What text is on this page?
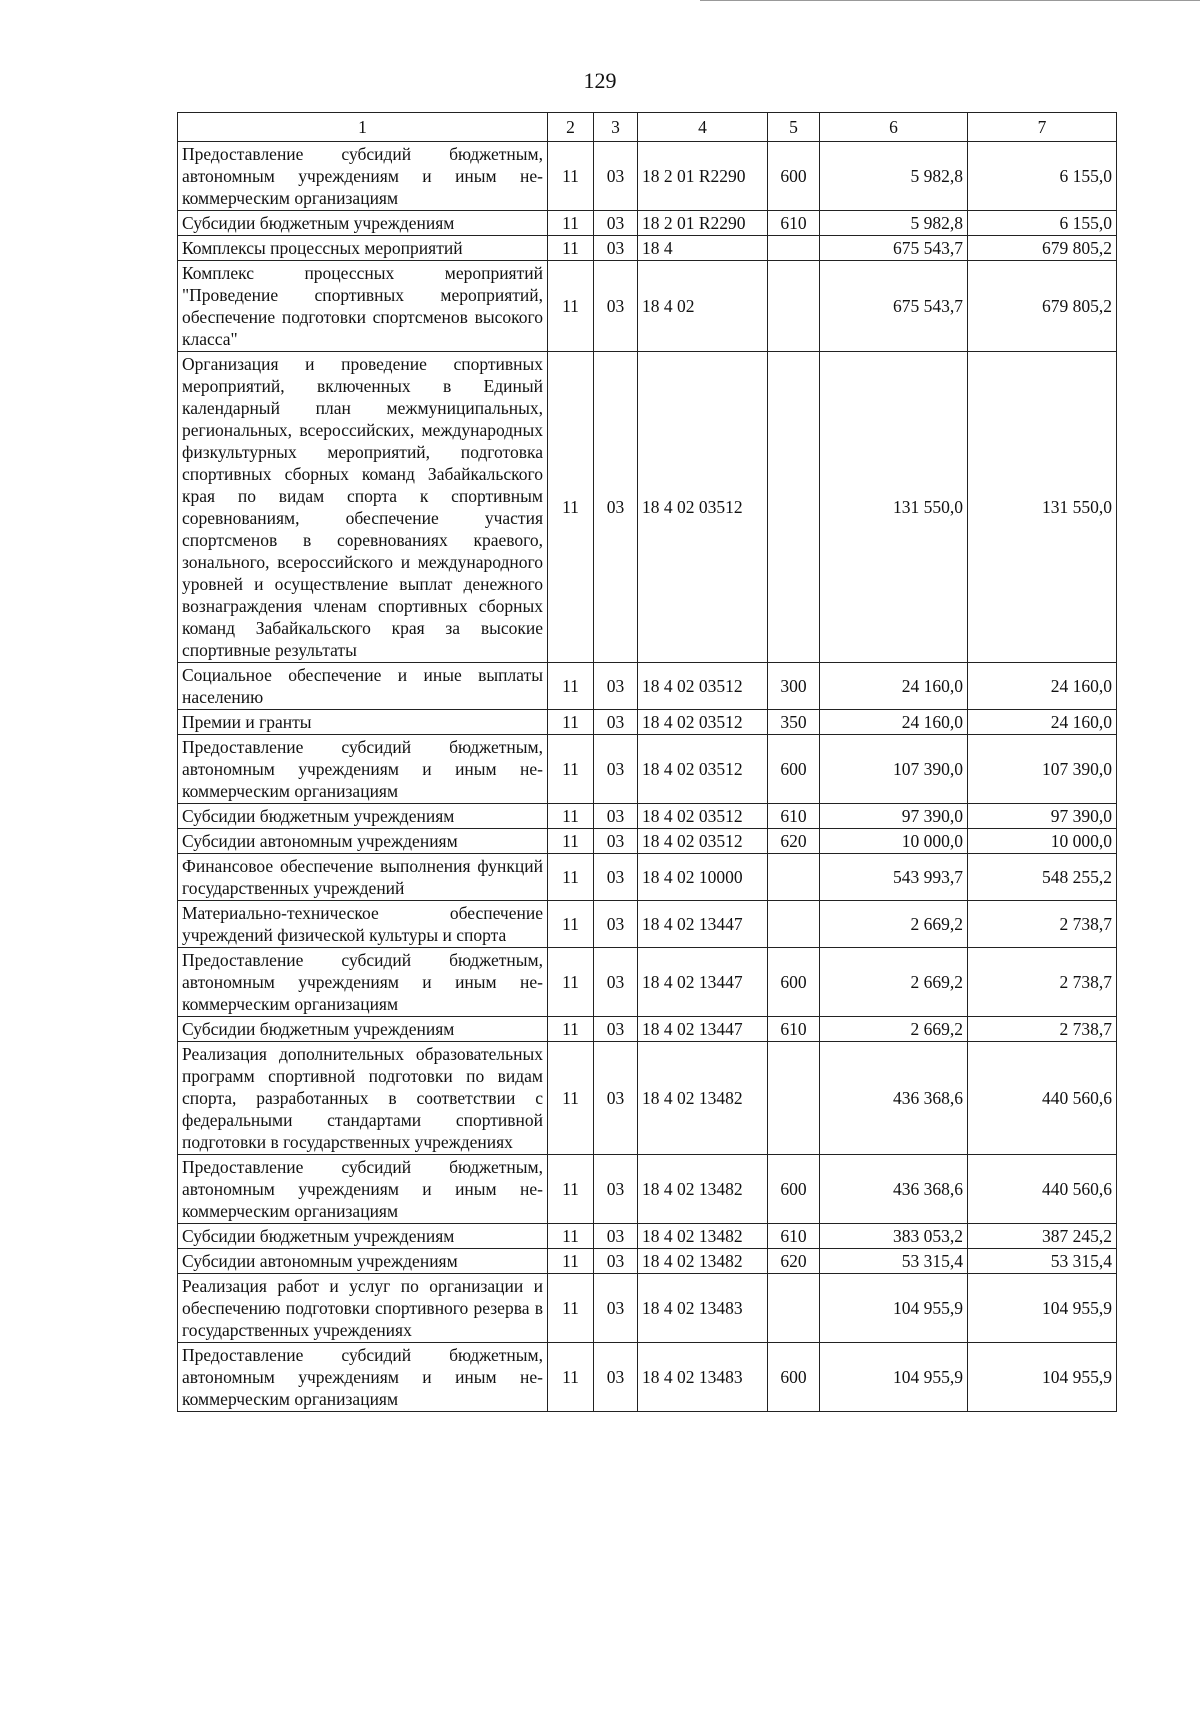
129
1	2	3	4	5	6	7
Предоставление субсидий бюджетным, автономным учреждениям и иным некоммерческим организациям	11	03	18 2 01 R2290	600	5 982,8	6 155,0
Субсидии бюджетным учреждениям	11	03	18 2 01 R2290	610	5 982,8	6 155,0
Комплексы процессных мероприятий	11	03	18 4		675 543,7	679 805,2
Комплекс процессных мероприятий "Проведение спортивных мероприятий, обеспечение подготовки спортсменов высокого класса"	11	03	18 4 02		675 543,7	679 805,2
Организация и проведение спортивных мероприятий, включенных в Единый календарный план межмуниципальных, региональных, всероссийских, международных физкультурных мероприятий, подготовка спортивных сборных команд Забайкальского края по видам спорта к спортивным соревнованиям, обеспечение участия спортсменов в соревнованиях краевого, зонального, всероссийского и международного уровней и осуществление выплат денежного вознаграждения членам спортивных сборных команд Забайкальского края за высокие спортивные результаты	11	03	18 4 02 03512		131 550,0	131 550,0
Социальное обеспечение и иные выплаты населению	11	03	18 4 02 03512	300	24 160,0	24 160,0
Премии и гранты	11	03	18 4 02 03512	350	24 160,0	24 160,0
Предоставление субсидий бюджетным, автономным учреждениям и иным некоммерческим организациям	11	03	18 4 02 03512	600	107 390,0	107 390,0
Субсидии бюджетным учреждениям	11	03	18 4 02 03512	610	97 390,0	97 390,0
Субсидии автономным учреждениям	11	03	18 4 02 03512	620	10 000,0	10 000,0
Финансовое обеспечение выполнения функций государственных учреждений	11	03	18 4 02 10000		543 993,7	548 255,2
Материально-техническое обеспечение учреждений физической культуры и спорта	11	03	18 4 02 13447		2 669,2	2 738,7
Предоставление субсидий бюджетным, автономным учреждениям и иным некоммерческим организациям	11	03	18 4 02 13447	600	2 669,2	2 738,7
Субсидии бюджетным учреждениям	11	03	18 4 02 13447	610	2 669,2	2 738,7
Реализация дополнительных образовательных программ спортивной подготовки по видам спорта, разработанных в соответствии с федеральными стандартами спортивной подготовки в государственных учреждениях	11	03	18 4 02 13482		436 368,6	440 560,6
Предоставление субсидий бюджетным, автономным учреждениям и иным некоммерческим организациям	11	03	18 4 02 13482	600	436 368,6	440 560,6
Субсидии бюджетным учреждениям	11	03	18 4 02 13482	610	383 053,2	387 245,2
Субсидии автономным учреждениям	11	03	18 4 02 13482	620	53 315,4	53 315,4
Реализация работ и услуг по организации и обеспечению подготовки спортивного резерва в государственных учреждениях	11	03	18 4 02 13483		104 955,9	104 955,9
Предоставление субсидий бюджетным, автономным учреждениям и иным некоммерческим организациям	11	03	18 4 02 13483	600	104 955,9	104 955,9
